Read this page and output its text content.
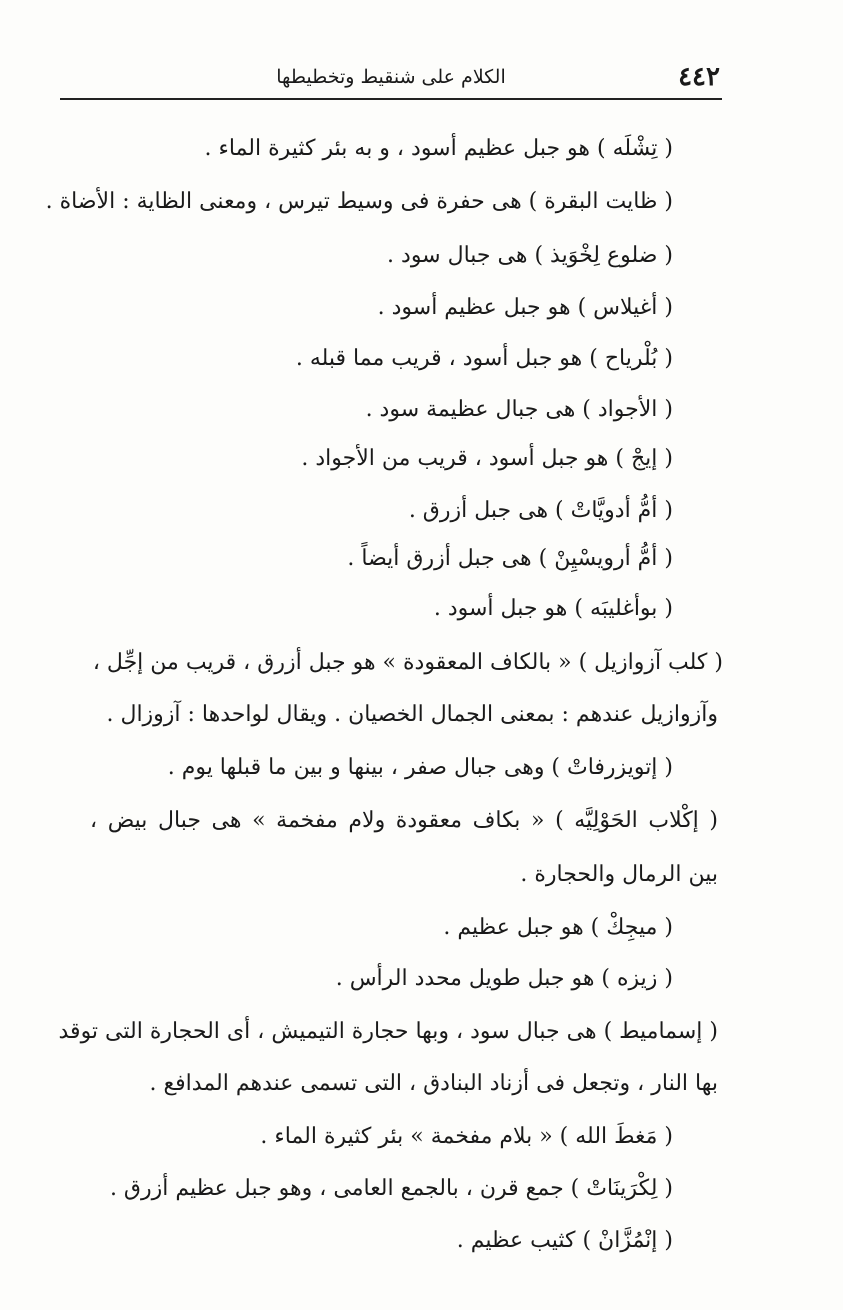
٤٤٢
الكلام على شنقيط وتخطيطها
( تِشْلَه ) هو جبل عظيم أسود ، و به بئر كثيرة الماء .
( ظايت البقرة ) هى حفرة فى وسيط تيرس ، ومعنى الظاية : الأضاة .
( ضلوع لِخْوَيذ ) هى جبال سود .
( أغيلاس ) هو جبل عظيم أسود .
( بُلْرياح ) هو جبل أسود ، قريب مما قبله .
( الأجواد ) هى جبال عظيمة سود .
( إيجْ ) هو جبل أسود ، قريب من الأجواد .
( أمُّ أدويَّاتْ ) هى جبل أزرق .
( أمُّ أرويسْيِنْ ) هى جبل أزرق أيضاً .
( بوأغليبَه ) هو جبل أسود .
( كلب آزوازيل ) « بالكاف المعقودة » هو جبل أزرق ، قريب من إجِّل ،
وآزوازيل عندهم : بمعنى الجمال الخصيان . ويقال لواحدها : آزوزال .
( إتويزرفاتْ ) وهى جبال صفر ، بينها و بين ما قبلها يوم .
( إكْلاب الحَوْلِيَّه ) « بكاف معقودة ولام مفخمة » هى جبال بيض ،
بين الرمال والحجارة .
( ميجِكْ ) هو جبل عظيم .
( زيزه ) هو جبل طويل محدد الرأس .
( إسماميط ) هى جبال سود ، وبها حجارة التيميش ، أى الحجارة التى توقد
بها النار ، وتجعل فى أزناد البنادق ، التى تسمى عندهم المدافع .
( مَغطَ الله ) « بلام مفخمة » بئر كثيرة الماء .
( لِكْرَينَاتْ ) جمع قرن ، بالجمع العامى ، وهو جبل عظيم أزرق .
( إنْمُزَّانْ ) كثيب عظيم .
